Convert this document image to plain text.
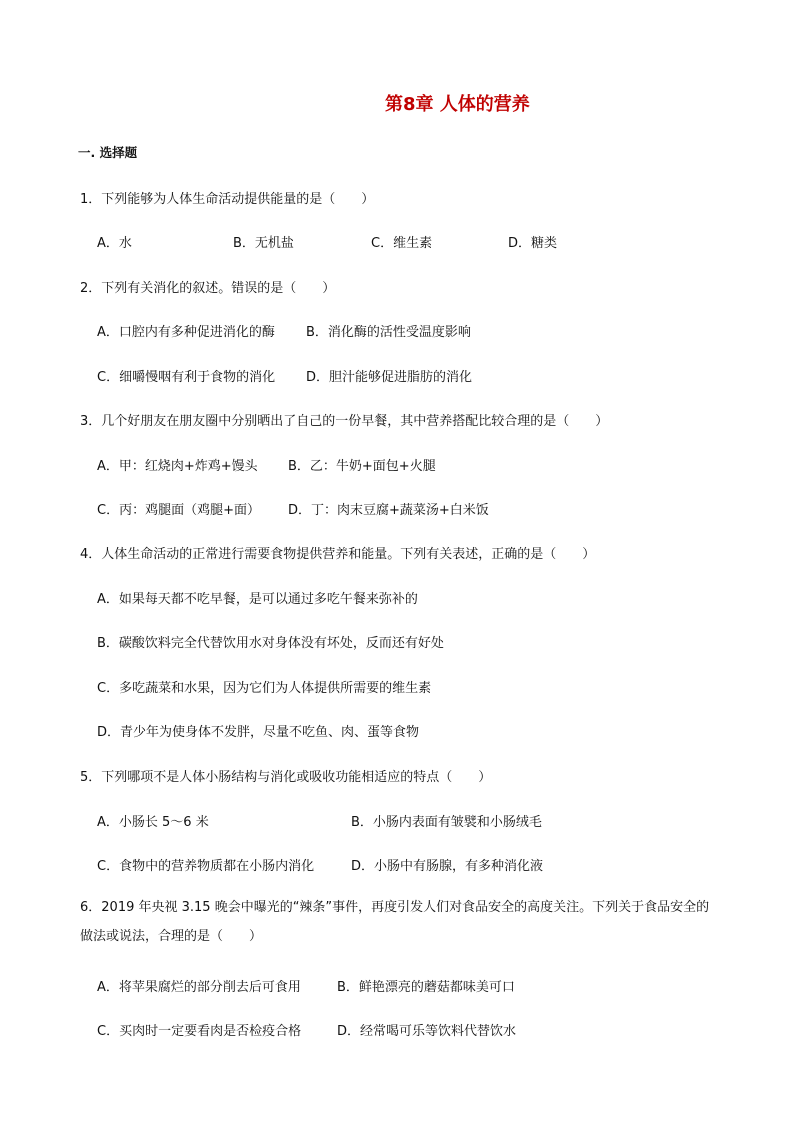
第8章 人体的营养
一. 选择题
1．下列能够为人体生命活动提供能量的是（　　）
A．水	B．无机盐	C．维生素	D．糖类
2．下列有关消化的叙述。错误的是（　　）
A．口腔内有多种促进消化的酶 B．消化酶的活性受温度影响
C．细嚼慢咽有利于食物的消化 D．胆汁能够促进脂肪的消化
3．几个好朋友在朋友圈中分别晒出了自己的一份早餐，其中营养搭配比较合理的是（　　）
A．甲：红烧肉+炸鸡+馒头 B．乙：牛奶+面包+火腿
C．丙：鸡腿面（鸡腿+面） D．丁：肉末豆腐+蔬菜汤+白米饭
4．人体生命活动的正常进行需要食物提供营养和能量。下列有关表述，正确的是（　　）
A．如果每天都不吃早餐，是可以通过多吃午餐来弥补的
B．碳酸饮料完全代替饮用水对身体没有坏处，反而还有好处
C．多吃蔬菜和水果，因为它们为人体提供所需要的维生素
D．青少年为使身体不发胖，尽量不吃鱼、肉、蛋等食物
5．下列哪项不是人体小肠结构与消化或吸收功能相适应的特点（　　）
A．小肠长 5～6 米	B．小肠内表面有皱襞和小肠绒毛
C．食物中的营养物质都在小肠内消化	D．小肠中有肠腺，有多种消化液
6．2019 年央视 3.15 晚会中曝光的“辣条”事件，再度引发人们对食品安全的高度关注。下列关于食品安全的做法或说法，合理的是（　　）
A．将苹果腐烂的部分削去后可食用	B．鲜艳漂亮的蘑菇都味美可口
C．买肉时一定要看肉是否检疫合格	D．经常喝可乐等饮料代替饮水
